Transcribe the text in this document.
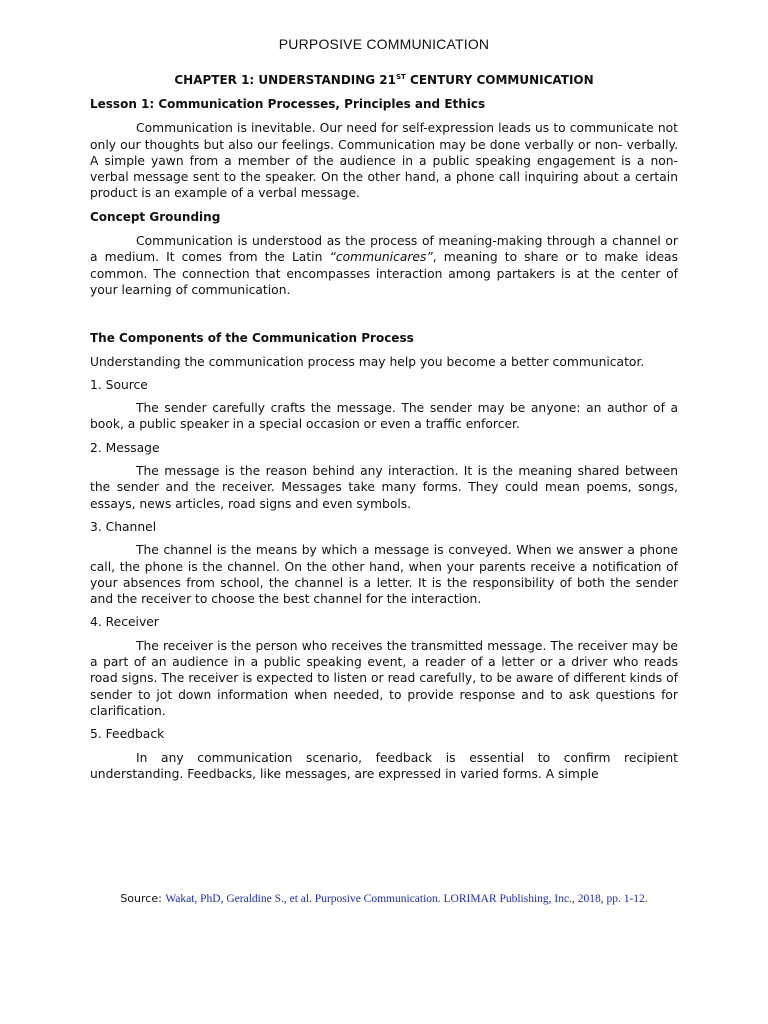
PURPOSIVE COMMUNICATION
CHAPTER 1: UNDERSTANDING 21ST CENTURY COMMUNICATION

Lesson 1: Communication Processes, Principles and Ethics

Communication is inevitable. Our need for self-expression leads us to communicate not only our thoughts but also our feelings. Communication may be done verbally or non- verbally. A simple yawn from a member of the audience in a public speaking engagement is a non-verbal message sent to the speaker. On the other hand, a phone call inquiring about a certain product is an example of a verbal message.

Concept Grounding

Communication is understood as the process of meaning-making through a channel or a medium. It comes from the Latin “communicares”, meaning to share or to make ideas common. The connection that encompasses interaction among partakers is at the center of your learning of communication.

The Components of the Communication Process

Understanding the communication process may help you become a better communicator.

1. Source

The sender carefully crafts the message. The sender may be anyone: an author of a book, a public speaker in a special occasion or even a traffic enforcer.

2. Message

The message is the reason behind any interaction. It is the meaning shared between the sender and the receiver. Messages take many forms. They could mean poems, songs, essays, news articles, road signs and even symbols.

3. Channel

The channel is the means by which a message is conveyed. When we answer a phone call, the phone is the channel. On the other hand, when your parents receive a notification of your absences from school, the channel is a letter. It is the responsibility of both the sender and the receiver to choose the best channel for the interaction.

4. Receiver

The receiver is the person who receives the transmitted message. The receiver may be a part of an audience in a public speaking event, a reader of a letter or a driver who reads road signs. The receiver is expected to listen or read carefully, to be aware of different kinds of sender to jot down information when needed, to provide response and to ask questions for clarification.

5. Feedback

In any communication scenario, feedback is essential to confirm recipient understanding. Feedbacks, like messages, are expressed in varied forms. A simple

Source: Wakat, PhD, Geraldine S., et al. Purposive Communication. LORIMAR Publishing, Inc., 2018, pp. 1-12.
